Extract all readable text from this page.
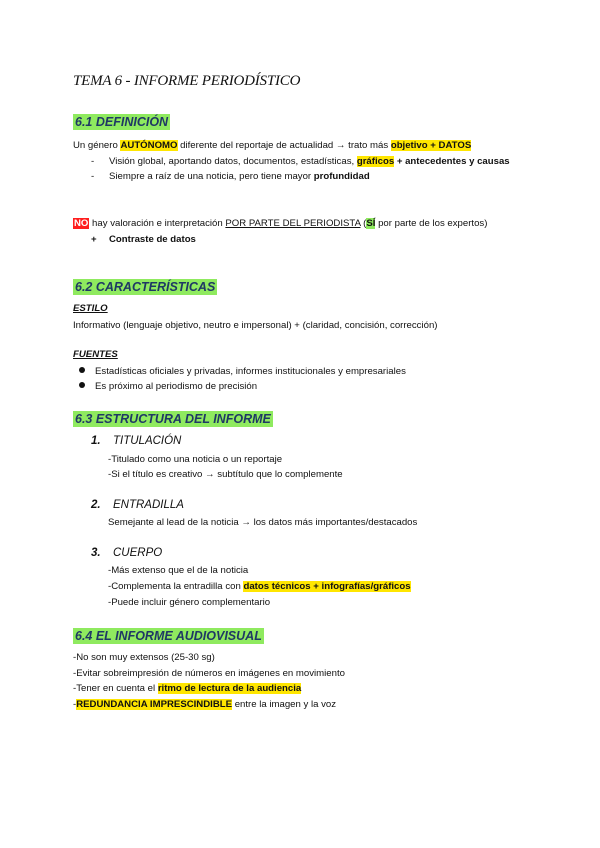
TEMA 6 - INFORME PERIODÍSTICO
6.1 DEFINICIÓN
Un género AUTÓNOMO diferente del reportaje de actualidad → trato más objetivo + DATOS
- Visión global, aportando datos, documentos, estadísticas, gráficos + antecedentes y causas
- Siempre a raíz de una noticia, pero tiene mayor profundidad
NO hay valoración e interpretación POR PARTE DEL PERIODISTA (SÍ por parte de los expertos)
+ Contraste de datos
6.2 CARACTERÍSTICAS
ESTILO
Informativo (lenguaje objetivo, neutro e impersonal) + (claridad, concisión, corrección)
FUENTES
Estadísticas oficiales y privadas, informes institucionales y empresariales
Es próximo al periodismo de precisión
6.3 ESTRUCTURA DEL INFORME
1. TITULACIÓN
-Titulado como una noticia o un reportaje
-Si el título es creativo → subtítulo que lo complemente
2. ENTRADILLA
Semejante al lead de la noticia → los datos más importantes/destacados
3. CUERPO
-Más extenso que el de la noticia
-Complementa la entradilla con datos técnicos + infografías/gráficos
-Puede incluir género complementario
6.4 EL INFORME AUDIOVISUAL
-No son muy extensos (25-30 sg)
-Evitar sobreimpresión de números en imágenes en movimiento
-Tener en cuenta el ritmo de lectura de la audiencia
-REDUNDANCIA IMPRESCINDIBLE entre la imagen y la voz
